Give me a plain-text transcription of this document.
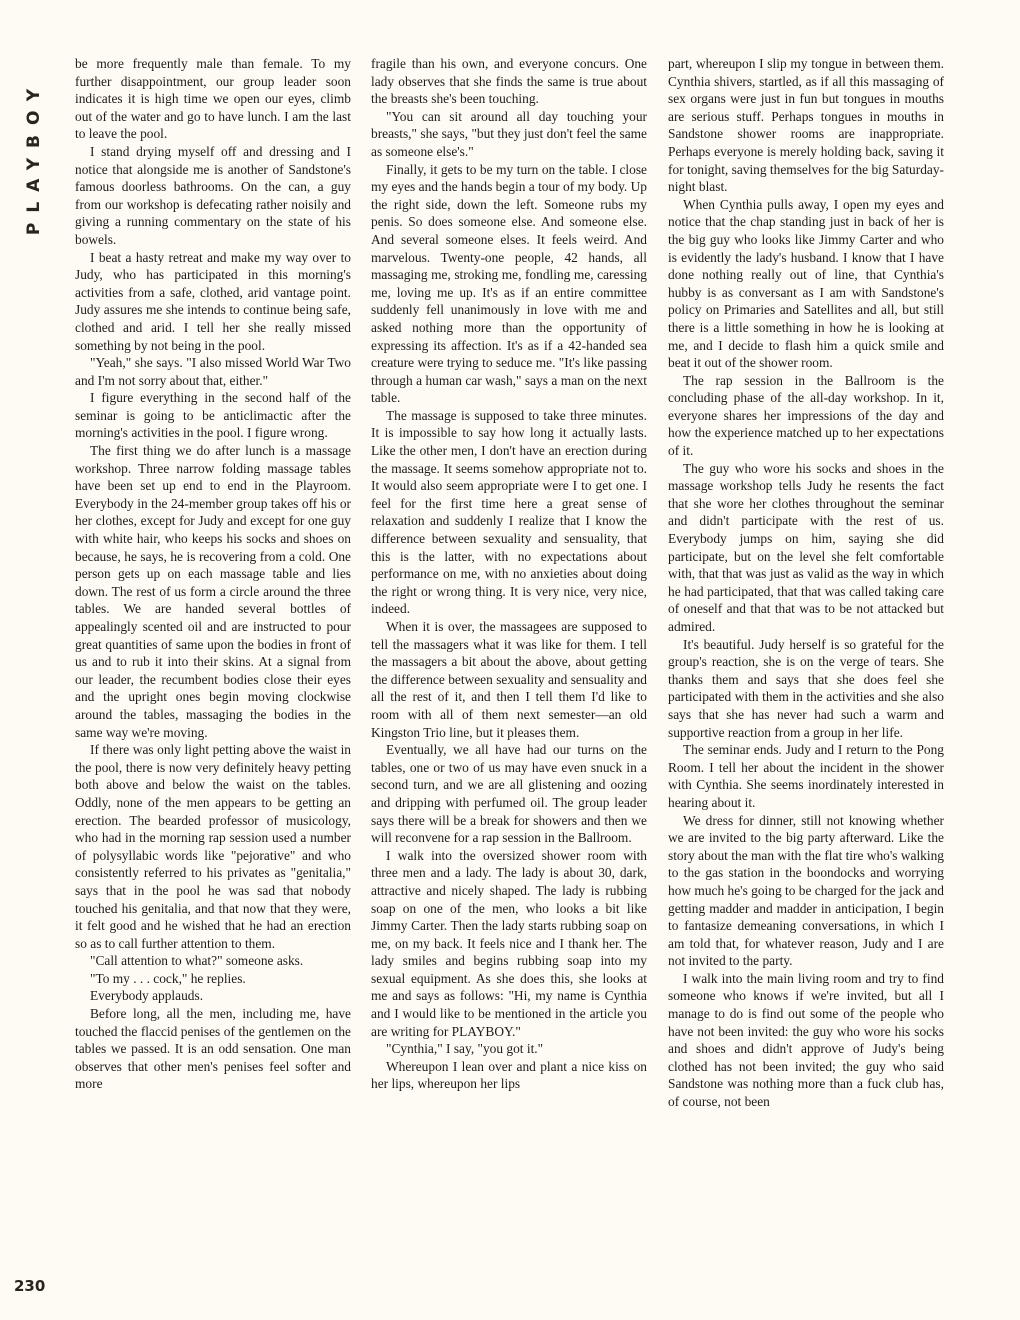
PLAYBOY
230

be more frequently male than female. To my further disappointment, our group leader soon indicates it is high time we open our eyes, climb out of the water and go to have lunch. I am the last to leave the pool.

I stand drying myself off and dressing and I notice that alongside me is another of Sandstone's famous doorless bathrooms. On the can, a guy from our workshop is defecating rather noisily and giving a running commentary on the state of his bowels.

I beat a hasty retreat and make my way over to Judy, who has participated in this morning's activities from a safe, clothed, arid vantage point. Judy assures me she intends to continue being safe, clothed and arid. I tell her she really missed something by not being in the pool.

"Yeah," she says. "I also missed World War Two and I'm not sorry about that, either."

I figure everything in the second half of the seminar is going to be anticlimactic after the morning's activities in the pool. I figure wrong.

The first thing we do after lunch is a massage workshop. Three narrow folding massage tables have been set up end to end in the Playroom. Everybody in the 24-member group takes off his or her clothes, except for Judy and except for one guy with white hair, who keeps his socks and shoes on because, he says, he is recovering from a cold. One person gets up on each massage table and lies down. The rest of us form a circle around the three tables. We are handed several bottles of appealingly scented oil and are instructed to pour great quantities of same upon the bodies in front of us and to rub it into their skins. At a signal from our leader, the recumbent bodies close their eyes and the upright ones begin moving clockwise around the tables, massaging the bodies in the same way we're moving.

If there was only light petting above the waist in the pool, there is now very definitely heavy petting both above and below the waist on the tables. Oddly, none of the men appears to be getting an erection. The bearded professor of musicology, who had in the morning rap session used a number of polysyllabic words like "pejorative" and who consistently referred to his privates as "genitalia," says that in the pool he was sad that nobody touched his genitalia, and that now that they were, it felt good and he wished that he had an erection so as to call further attention to them.

"Call attention to what?" someone asks.

"To my . . . cock," he replies.

Everybody applauds.

Before long, all the men, including me, have touched the flaccid penises of the gentlemen on the tables we passed. It is an odd sensation. One man observes that other men's penises feel softer and more

fragile than his own, and everyone concurs. One lady observes that she finds the same is true about the breasts she's been touching.

"You can sit around all day touching your breasts," she says, "but they just don't feel the same as someone else's."

Finally, it gets to be my turn on the table. I close my eyes and the hands begin a tour of my body. Up the right side, down the left. Someone rubs my penis. So does someone else. And someone else. And several someone elses. It feels weird. And marvelous. Twenty-one people, 42 hands, all massaging me, stroking me, fondling me, caressing me, loving me up. It's as if an entire committee suddenly fell unanimously in love with me and asked nothing more than the opportunity of expressing its affection. It's as if a 42-handed sea creature were trying to seduce me. "It's like passing through a human car wash," says a man on the next table.

The massage is supposed to take three minutes. It is impossible to say how long it actually lasts. Like the other men, I don't have an erection during the massage. It seems somehow appropriate not to. It would also seem appropriate were I to get one. I feel for the first time here a great sense of relaxation and suddenly I realize that I know the difference between sexuality and sensuality, that this is the latter, with no expectations about performance on me, with no anxieties about doing the right or wrong thing. It is very nice, very nice, indeed.

When it is over, the massagees are supposed to tell the massagers what it was like for them. I tell the massagers a bit about the above, about getting the difference between sexuality and sensuality and all the rest of it, and then I tell them I'd like to room with all of them next semester—an old Kingston Trio line, but it pleases them.

Eventually, we all have had our turns on the tables, one or two of us may have even snuck in a second turn, and we are all glistening and oozing and dripping with perfumed oil. The group leader says there will be a break for showers and then we will reconvene for a rap session in the Ballroom.

I walk into the oversized shower room with three men and a lady. The lady is about 30, dark, attractive and nicely shaped. The lady is rubbing soap on one of the men, who looks a bit like Jimmy Carter. Then the lady starts rubbing soap on me, on my back. It feels nice and I thank her. The lady smiles and begins rubbing soap into my sexual equipment. As she does this, she looks at me and says as follows: "Hi, my name is Cynthia and I would like to be mentioned in the article you are writing for PLAYBOY."

"Cynthia," I say, "you got it."

Whereupon I lean over and plant a nice kiss on her lips, whereupon her lips

part, whereupon I slip my tongue in between them. Cynthia shivers, startled, as if all this massaging of sex organs were just in fun but tongues in mouths are serious stuff. Perhaps tongues in mouths in Sandstone shower rooms are inappropriate. Perhaps everyone is merely holding back, saving it for tonight, saving themselves for the big Saturday-night blast.

When Cynthia pulls away, I open my eyes and notice that the chap standing just in back of her is the big guy who looks like Jimmy Carter and who is evidently the lady's husband. I know that I have done nothing really out of line, that Cynthia's hubby is as conversant as I am with Sandstone's policy on Primaries and Satellites and all, but still there is a little something in how he is looking at me, and I decide to flash him a quick smile and beat it out of the shower room.

The rap session in the Ballroom is the concluding phase of the all-day workshop. In it, everyone shares her impressions of the day and how the experience matched up to her expectations of it.

The guy who wore his socks and shoes in the massage workshop tells Judy he resents the fact that she wore her clothes throughout the seminar and didn't participate with the rest of us. Everybody jumps on him, saying she did participate, but on the level she felt comfortable with, that that was just as valid as the way in which he had participated, that that was called taking care of oneself and that that was to be not attacked but admired.

It's beautiful. Judy herself is so grateful for the group's reaction, she is on the verge of tears. She thanks them and says that she does feel she participated with them in the activities and she also says that she has never had such a warm and supportive reaction from a group in her life.

The seminar ends. Judy and I return to the Pong Room. I tell her about the incident in the shower with Cynthia. She seems inordinately interested in hearing about it.

We dress for dinner, still not knowing whether we are invited to the big party afterward. Like the story about the man with the flat tire who's walking to the gas station in the boondocks and worrying how much he's going to be charged for the jack and getting madder and madder in anticipation, I begin to fantasize demeaning conversations, in which I am told that, for whatever reason, Judy and I are not invited to the party.

I walk into the main living room and try to find someone who knows if we're invited, but all I manage to do is find out some of the people who have not been invited: the guy who wore his socks and shoes and didn't approve of Judy's being clothed has not been invited; the guy who said Sandstone was nothing more than a fuck club has, of course, not been
